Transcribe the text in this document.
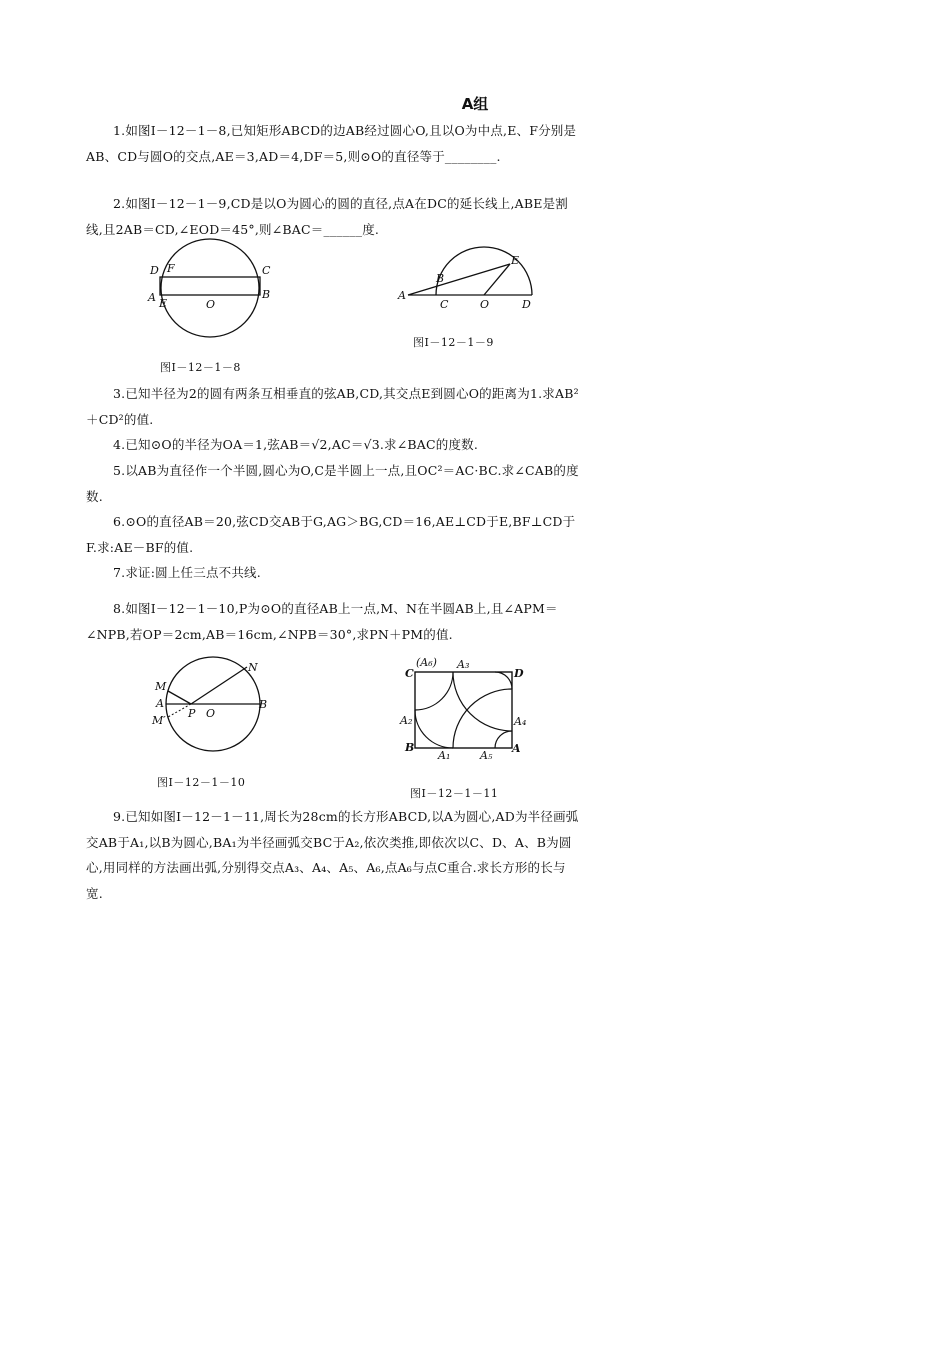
A组
1.如图Ⅰ－12－1－8,已知矩形ABCD的边AB经过圆心O,且以O为中点,E、F分别是AB、CD与圆O的交点,AE＝3,AD＝4,DF＝5,则⊙O的直径等于________.
2.如图Ⅰ－12－1－9,CD是以O为圆心的圆的直径,点A在DC的延长线上,ABE是割线,且2AB＝CD,∠EOD＝45°,则∠BAC＝______度.
D F	C
A E	O
B
图Ⅰ－12－1－8
E
B
A
C	O	D
图Ⅰ－12－1－9
3.已知半径为2的圆有两条互相垂直的弦AB,CD,其交点E到圆心O的距离为1.求AB²＋CD²的值.
4.已知⊙O的半径为OA＝1,弦AB＝√2,AC＝√3.求∠BAC的度数.
5.以AB为直径作一个半圆,圆心为O,C是半圆上一点,且OC²＝AC·BC.求∠CAB的度数.
6.⊙O的直径AB＝20,弦CD交AB于G,AG＞BG,CD＝16,AE⊥CD于E,BF⊥CD于F.求:AE－BF的值.
7.求证:圆上任三点不共线.
8.如图Ⅰ－12－1－10,P为⊙O的直径AB上一点,M、N在半圆AB上,且∠APM＝∠NPB,若OP＝2cm,AB＝16cm,∠NPB＝30°,求PN＋PM的值.
N
M
A
M′
P O
B
图Ⅰ－12－1－10
C
(A₆) A₃
D
A₂	A₄
B
A₁	A₅
A
图Ⅰ－12－1－11
9.已知如图Ⅰ－12－1－11,周长为28cm的长方形ABCD,以A为圆心,AD为半径画弧交AB于A₁,以B为圆心,BA₁为半径画弧交BC于A₂,依次类推,即依次以C、D、A、B为圆心,用同样的方法画出弧,分别得交点A₃、A₄、A₅、A₆,点A₆与点C重合.求长方形的长与宽.
